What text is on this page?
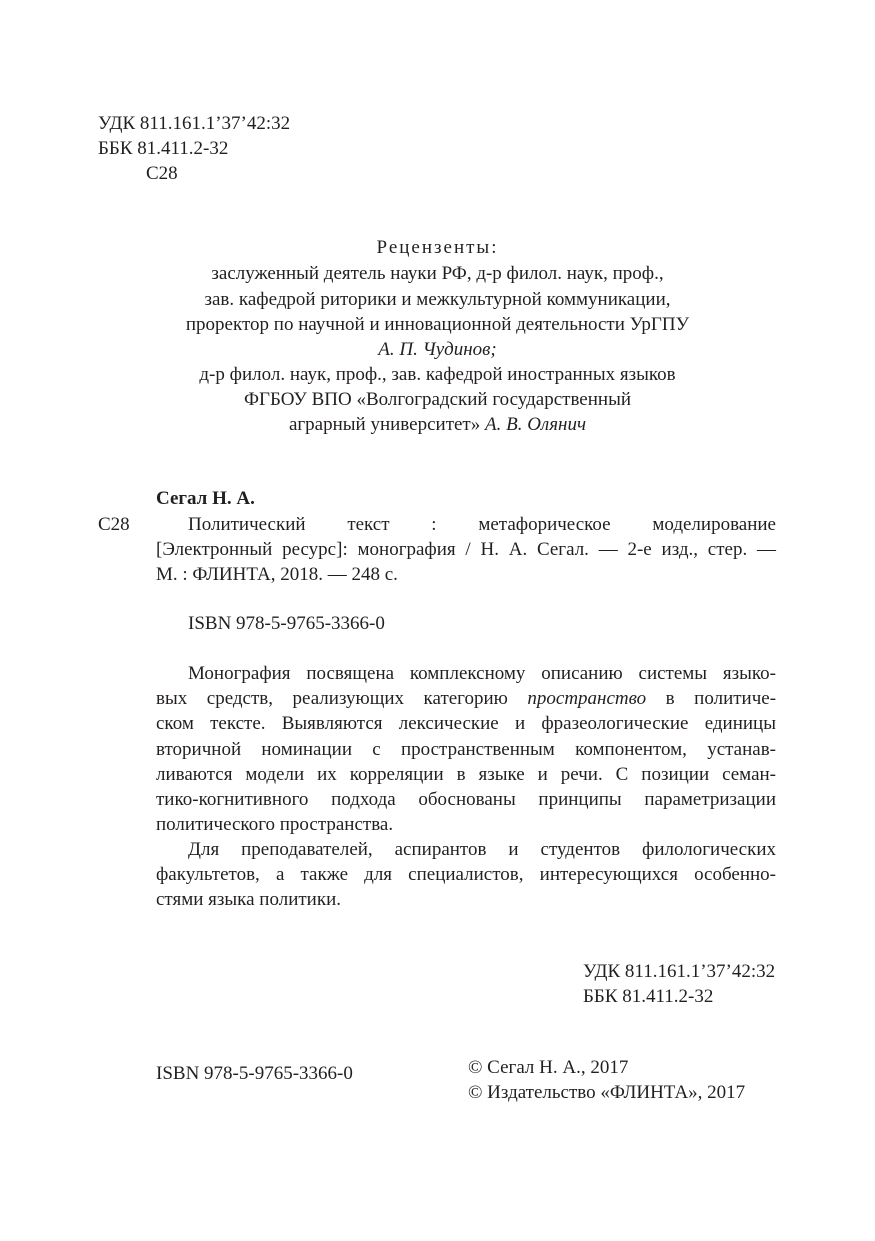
УДК 811.161.1’37’42:32
ББК 81.411.2-32
С28
Рецензенты:
заслуженный деятель науки РФ, д-р филол. наук, проф.,
зав. кафедрой риторики и межкультурной коммуникации,
проректор по научной и инновационной деятельности УрГПУ
А. П. Чудинов;
д-р филол. наук, проф., зав. кафедрой иностранных языков
ФГБОУ ВПО «Волгоградский государственный
аграрный университет» А. В. Олянич
Сегал Н. А.
С28	Политический текст : метафорическое моделирование
[Электронный ресурс]: монография / Н. А. Сегал. — 2-е изд., стер. —
М. : ФЛИНТА, 2018. — 248 с.
ISBN 978-5-9765-3366-0
Монография посвящена комплексному описанию системы языко-
вых средств, реализующих категорию пространство в политиче-
ском тексте. Выявляются лексические и фразеологические единицы
вторичной номинации с пространственным компонентом, устанав-
ливаются модели их корреляции в языке и речи. С позиции семан-
тико-когнитивного подхода обоснованы принципы параметризации
политического пространства.
Для преподавателей, аспирантов и студентов филологических
факультетов, а также для специалистов, интересующихся особенно-
стями языка политики.
УДК 811.161.1’37’42:32
ББК 81.411.2-32
ISBN 978-5-9765-3366-0	© Сегал Н. А., 2017
© Издательство «ФЛИНТА», 2017
